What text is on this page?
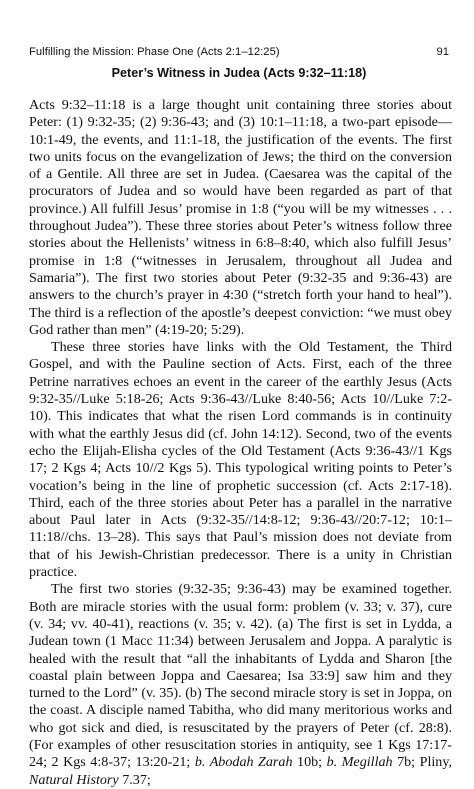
Fulfilling the Mission: Phase One (Acts 2:1–12:25)	91
Peter’s Witness in Judea (Acts 9:32–11:18)

Acts 9:32–11:18 is a large thought unit containing three stories about Peter: (1) 9:32-35; (2) 9:36-43; and (3) 10:1–11:18, a two-part episode—10:1-49, the events, and 11:1-18, the justification of the events. The first two units focus on the evangelization of Jews; the third on the conversion of a Gentile. All three are set in Judea. (Caesarea was the capital of the procurators of Judea and so would have been regarded as part of that province.) All fulfill Jesus’ promise in 1:8 (“you will be my witnesses . . . throughout Judea”). These three stories about Peter’s witness follow three stories about the Hellenists’ witness in 6:8–8:40, which also fulfill Jesus’ promise in 1:8 (“witnesses in Jerusalem, throughout all Judea and Samaria”). The first two stories about Peter (9:32-35 and 9:36-43) are answers to the church’s prayer in 4:30 (“stretch forth your hand to heal”). The third is a reflection of the apostle’s deepest conviction: “we must obey God rather than men” (4:19-20; 5:29).

These three stories have links with the Old Testament, the Third Gospel, and with the Pauline section of Acts. First, each of the three Petrine narratives echoes an event in the career of the earthly Jesus (Acts 9:32-35//Luke 5:18-26; Acts 9:36-43//Luke 8:40-56; Acts 10//Luke 7:2-10). This indicates that what the risen Lord commands is in continuity with what the earthly Jesus did (cf. John 14:12). Second, two of the events echo the Elijah-Elisha cycles of the Old Testament (Acts 9:36-43//1 Kgs 17; 2 Kgs 4; Acts 10//2 Kgs 5). This typological writing points to Peter’s vocation’s being in the line of prophetic succession (cf. Acts 2:17-18). Third, each of the three stories about Peter has a parallel in the narrative about Paul later in Acts (9:32-35//14:8-12; 9:36-43//20:7-12; 10:1–11:18//chs. 13–28). This says that Paul’s mission does not deviate from that of his Jewish-Christian predecessor. There is a unity in Christian practice.

The first two stories (9:32-35; 9:36-43) may be examined together. Both are miracle stories with the usual form: problem (v. 33; v. 37), cure (v. 34; vv. 40-41), reactions (v. 35; v. 42). (a) The first is set in Lydda, a Judean town (1 Macc 11:34) between Jerusalem and Joppa. A paralytic is healed with the result that “all the inhabitants of Lydda and Sharon [the coastal plain between Joppa and Caesarea; Isa 33:9] saw him and they turned to the Lord” (v. 35). (b) The second miracle story is set in Joppa, on the coast. A disciple named Tabitha, who did many meritorious works and who got sick and died, is resuscitated by the prayers of Peter (cf. 28:8). (For examples of other resuscitation stories in antiquity, see 1 Kgs 17:17-24; 2 Kgs 4:8-37; 13:20-21; b. Abodah Zarah 10b; b. Megillah 7b; Pliny, Natural History 7.37;
